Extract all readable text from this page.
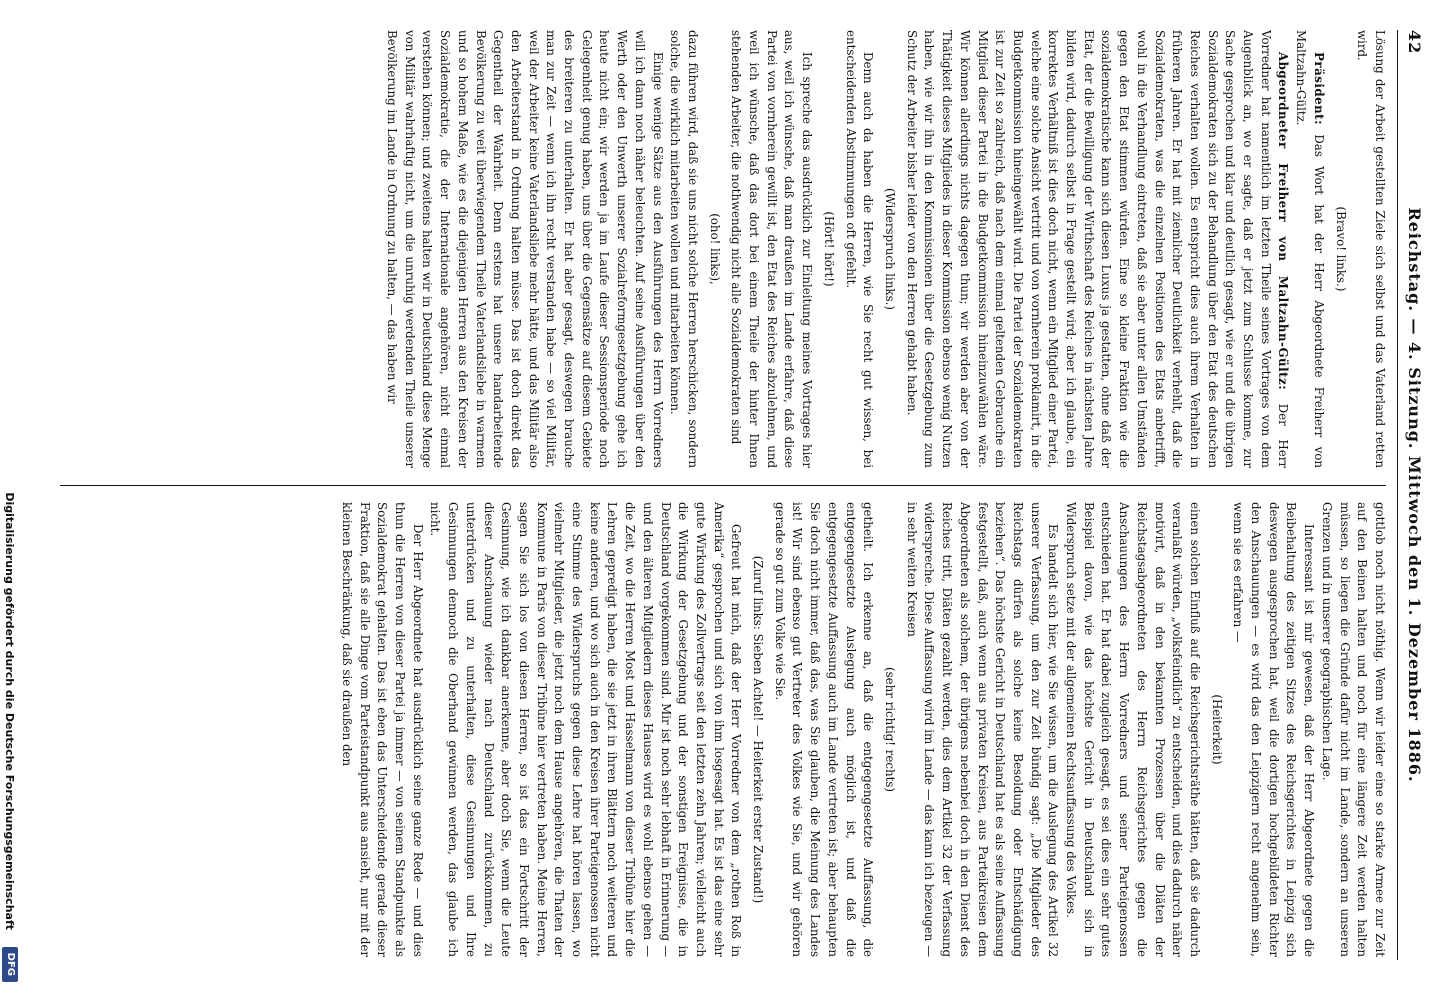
42
Reichstag. — 4. Sitzung. Mittwoch den 1. Dezember 1886.

Lösung der Arbeit gestellten Ziele sich selbst und das Vaterland retten wird.

(Bravo! links.)

Präsident: Das Wort hat der Herr Abgeordnete Freiherr von Maltzahn-Gültz.

Abgeordneter Freiherr von Maltzahn-Gültz: Der Herr Vorredner hat namentlich im letzten Theile seines Vortrages von dem Augenblick an, wo er sagte, daß er jetzt zum Schlusse komme, zur Sache gesprochen und klar und deutlich gesagt, wie er und die übrigen Sozialdemokraten sich zu der Behandlung über den Etat des deutschen Reiches verhalten wollen. Es entspricht dies auch ihrem Verhalten in früheren Jahren. Er hat mit ziemlicher Deutlichkeit verhehlt, daß die Sozialdemokraten, was die einzelnen Positionen des Etats anbetrifft, wohl in die Verhandlung eintreten, daß sie aber unter allen Umständen gegen den Etat stimmen würden. Eine so kleine Fraktion wie die sozialdemokratische kann sich diesen Luxus ja gestatten, ohne daß der Etat, der die Bewilligung der Wirthschaft des Reiches in nächsten Jahre bilden wird, dadurch selbst in Frage gestellt wird; aber ich glaube, ein korrektes Verhältniß ist dies doch nicht, wenn ein Mitglied einer Partei, welche eine solche Ansicht vertritt und von vornherein proklamirt, in die Budgetkommission hineingewählt wird. Die Partei der Sozialdemokraten ist zur Zeit so zahlreich, daß nach dem einmal geltenden Gebrauche ein Mitglied dieser Partei in die Budgetkommission hineinzuwählen wäre. Wir können allerdings nichts dagegen thun; wir werden aber von der Thätigkeit dieses Mitgliedes in dieser Kommission ebenso wenig Nutzen haben, wie wir ihn in den Kommissionen über die Gesetzgebung zum Schutz der Arbeiter bisher leider von den Herren gehabt haben.

(Widerspruch links.)

Denn auch da haben die Herren, wie Sie recht gut wissen, bei entscheidenden Abstimmungen oft gefehlt.

(Hört! hört!)

Ich spreche das ausdrücklich zur Einleitung meines Vortrages hier aus, weil ich wünsche, daß man draußen im Lande erfahre, daß diese Partei von vornherein gewillt ist, den Etat des Reiches abzulehnen, und weil ich wünsche, daß das dort bei einem Theile der hinter Ihnen stehenden Arbeiter, die nothwendig nicht alle Sozialdemokraten sind

(oho! links),

dazu führen wird, daß sie uns nicht solche Herren herschicken, sondern solche, die wirklich mitarbeiten wollen und mitarbeiten können.

Einige wenige Sätze aus den Ausführungen des Herrn Vorredners will ich dann noch näher beleuchten. Auf seine Ausführungen über den Werth oder den Unwerth unserer Sozialreformgesetzgebung gehe ich heute nicht ein; wir werden ja im Laufe dieser Sessionsperiode noch Gelegenheit genug haben, uns über die Gegensätze auf diesem Gebiete des breiteren zu unterhalten. Er hat aber gesagt, deswegen brauche man zur Zeit — wenn ich ihn recht verstanden habe — so viel Militär, weil der Arbeiter keine Vaterlandsliebe mehr hätte, und das Militär also den Arbeiterstand in Ordnung halten müsse. Das ist doch direkt das Gegentheil der Wahrheit. Denn erstens hat unsere handarbeitende Bevölkerung zu weit überwiegendem Theile Vaterlandsliebe in warmem und so hohem Maße, wie es die diejenigen Herren aus den Kreisen der Sozialdemokratie, die der Internationale angehören, nicht einmal verstehen können; und zweitens halten wir in Deutschland diese Menge von Militär wahrhaftig nicht, um die unruhig werdenden Theile unserer Bevölkerung im Lande in Ordnung zu halten, — das haben wir

gottlob noch nicht nöthig. Wenn wir leider eine so starke Armee zur Zeit auf den Beinen halten und noch für eine längere Zeit werden halten müssen, so liegen die Gründe dafür nicht im Lande, sondern an unseren Grenzen und in unserer geographischen Lage.

Interessant ist mir gewesen, daß der Herr Abgeordnete gegen die Beibehaltung des zeitigen Sitzes des Reichsgerichtes in Leipzig sich deswegen ausgesprochen hat, weil die dortigen hochgebildeten Richter den Anschauungen — es wird das den Leipzigern recht angenehm sein, wenn sie es erfahren —

(Heiterkeit)

einen solchen Einfluß auf die Reichsgerichtsräthe hätten, daß sie dadurch veranlaßt würden, „volksfeindlich“ zu entscheiden, und dies dadurch näher motivirt, daß in den bekannten Prozessen über die Diäten der Reichstagsabgeordneten des Herrn Reichsgerichtes gegen die Anschauungen des Herrn Vorredners und seiner Parteigenossen entschieden hat. Er hat dabei zugleich gesagt, es sei dies ein sehr gutes Beispiel davon, wie das höchste Gericht in Deutschland sich in Widerspruch setze mit der allgemeinen Rechtsauffassung des Volkes.

Es handelt sich hier, wie Sie wissen, um die Auslegung des Artikel 32 unserer Verfassung, um den zur Zeit bündig sagt: „Die Mitglieder des Reichstags dürfen als solche keine Besoldung oder Entschädigung beziehen“. Das höchste Gericht in Deutschland hat es als seine Auffassung festgestellt, daß, auch wenn aus privaten Kreisen, aus Parteikreisen dem Abgeordneten als solchem, der übrigens nebenbei doch in den Dienst des Reiches tritt, Diäten gezahlt werden, dies dem Artikel 32 der Verfassung widerspreche. Diese Auffassung wird im Lande — das kann ich bezeugen — in sehr weiten Kreisen

(sehr richtig! rechts)

getheilt. Ich erkenne an, daß die entgegengesetzte Auffassung, die entgegengesetzte Auslegung auch möglich ist, und daß die entgegengesetzte Auffassung auch im Lande vertreten ist; aber behaupten Sie doch nicht immer, daß das, was Sie glauben, die Meinung des Landes ist! Wir sind ebenso gut Vertreter des Volkes wie Sie, und wir gehören gerade so gut zum Volke wie Sie.

(Zuruf links: Sieben Achtel! — Heiterkeit erster Zustand!)

Gefreut hat mich, daß der Herr Vorredner von dem „rothen Roß in Amerika“ gesprochen und sich von ihm losgesagt hat. Es ist das eine sehr gute Wirkung des Zollvertrags seit den letzten zehn Jahren; vielleicht auch die Wirkung der Gesetzgebung und der sonstigen Ereignisse, die in Deutschland vorgekommen sind. Mir ist noch sehr lebhaft in Erinnerung — und den älteren Mitgliedern dieses Hauses wird es wohl ebenso gehen — die Zeit, wo die Herren Most und Hasselmann von dieser Tribüne hier die Lehren gepredigt haben, die sie jetzt in ihren Blättern noch weiteren und keine anderen, und wo sich auch in den Kreisen ihrer Parteigenossen nicht eine Stimme des Widerspruchs gegen diese Lehre hat hören lassen, wo vielmehr Mitglieder, die jetzt noch dem Hause angehören, die Thaten der Kommune in Paris von dieser Tribüne hier vertreten haben. Meine Herren, sagen Sie sich los von diesen Herren, so ist das ein Fortschritt der Gesinnung, wie ich dankbar anerkenne, aber doch Sie, wenn die Leute dieser Anschauung wieder nach Deutschland zurückkommen, zu unterdrücken und zu unterhalten, diese Gesinnungen und Ihre Gesinnungen dennoch die Oberhand gewinnen werden, das glaube ich nicht.

Der Herr Abgeordnete hat ausdrücklich seine ganze Rede — und dies thun die Herren von dieser Partei ja immer — von seinem Standpunkte als Sozialdemokrat gehalten. Das ist eben das Unterscheidende gerade dieser Fraktion, daß sie alle Dinge vom Parteistandpunkt aus ansieht, nur mit der kleinen Beschränkung, daß sie draußen den

Digitalisierung gefördert durch die Deutsche Forschungsgemeinschaft
DFG
